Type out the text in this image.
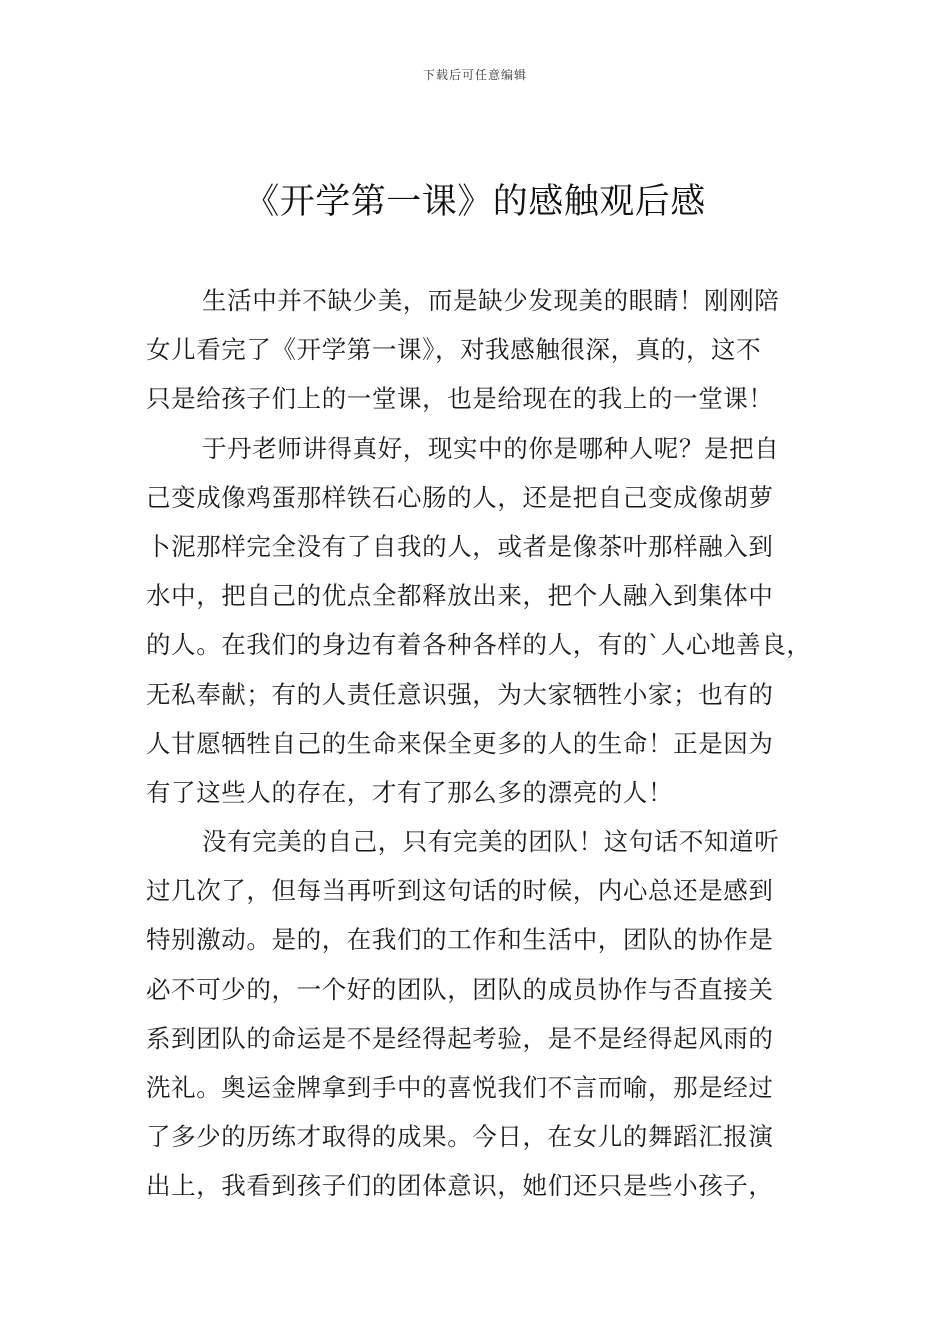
下载后可任意编辑
《开学第一课》的感触观后感
生活中并不缺少美，而是缺少发现美的眼睛！刚刚陪
女儿看完了《开学第一课》，对我感触很深，真的，这不
只是给孩子们上的一堂课，也是给现在的我上的一堂课！
于丹老师讲得真好，现实中的你是哪种人呢？是把自
己变成像鸡蛋那样铁石心肠的人，还是把自己变成像胡萝
卜泥那样完全没有了自我的人，或者是像茶叶那样融入到
水中，把自己的优点全都释放出来，把个人融入到集体中
的人。在我们的身边有着各种各样的人，有的`人心地善良，
无私奉献；有的人责任意识强，为大家牺牲小家；也有的
人甘愿牺牲自己的生命来保全更多的人的生命！正是因为
有了这些人的存在，才有了那么多的漂亮的人！
没有完美的自己，只有完美的团队！这句话不知道听
过几次了，但每当再听到这句话的时候，内心总还是感到
特别激动。是的，在我们的工作和生活中，团队的协作是
必不可少的，一个好的团队，团队的成员协作与否直接关
系到团队的命运是不是经得起考验，是不是经得起风雨的
洗礼。奥运金牌拿到手中的喜悦我们不言而喻，那是经过
了多少的历练才取得的成果。今日，在女儿的舞蹈汇报演
出上，我看到孩子们的团体意识，她们还只是些小孩子，
